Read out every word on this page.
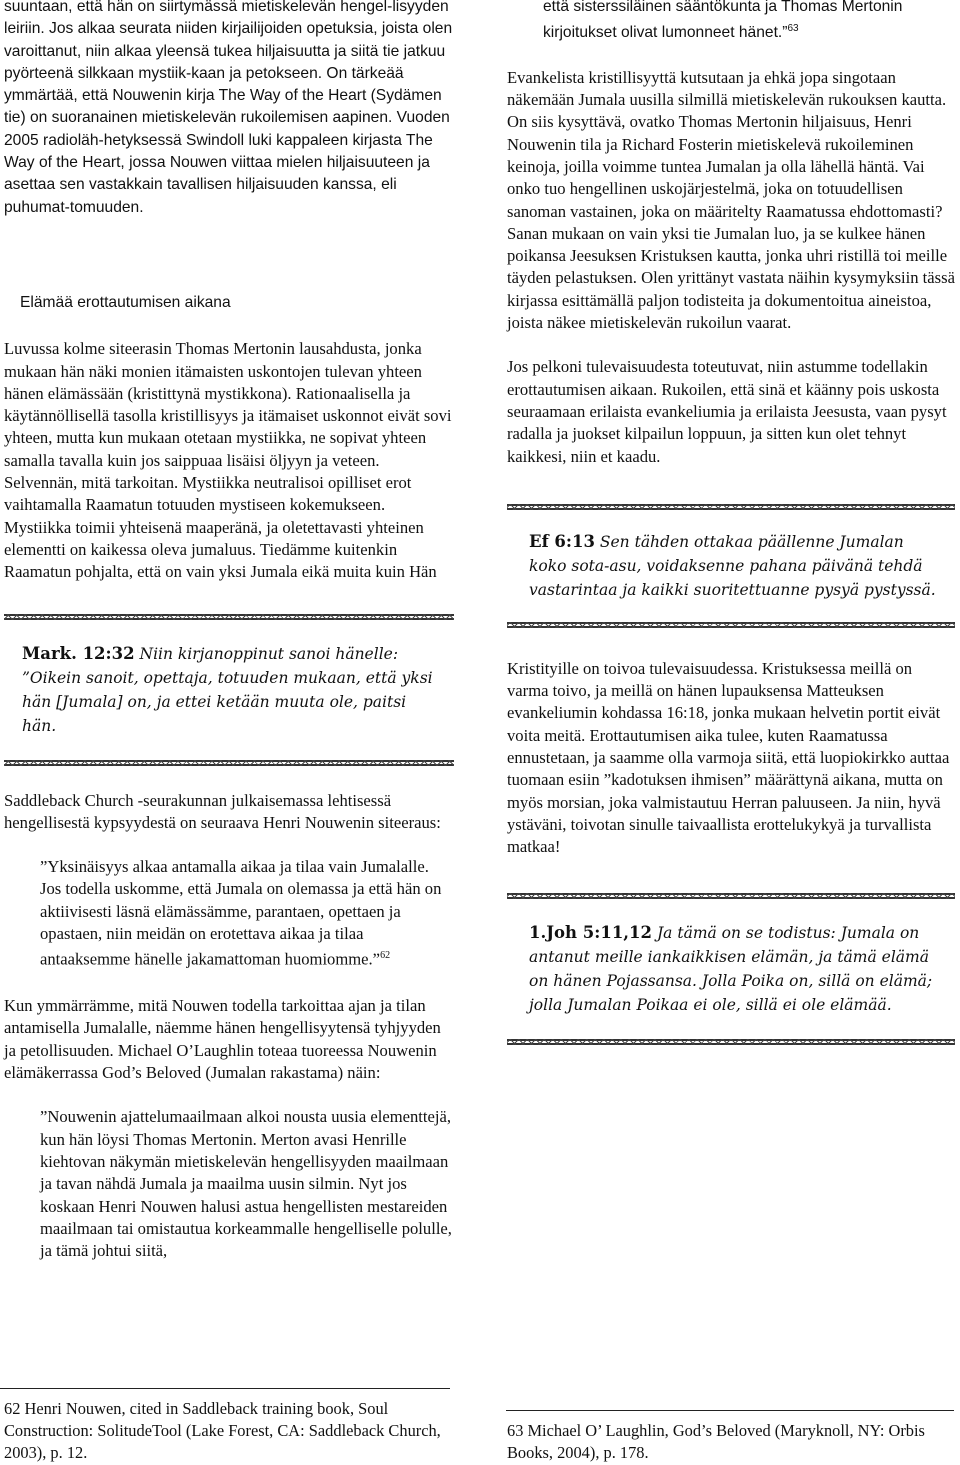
suuntaan, että hän on siirtymässä mietiskelevän hengel-lisyyden leiriin. Jos alkaa seurata niiden kirjailijoiden opetuksia, joista olen varoittanut, niin alkaa yleensä tukea hiljaisuutta ja siitä tie jatkuu pyörteenä silkkaan mystiik-kaan ja petokseen. On tärkeää ymmärtää, että Nouwenin kirja The Way of the Heart (Sydämen tie) on suoranainen mietiskelevän rukoilemisen aapinen. Vuoden 2005 radioläh-hetyksessä Swindoll luki kappaleen kirjasta The Way of the Heart, jossa Nouwen viittaa mielen hiljaisuuteen ja asettaa sen vastakkain tavallisen hiljaisuuden kanssa, eli puhumat-tomuuden.

Elämää erottautumisen aikana

Luvussa kolme siteerasin Thomas Mertonin lausahdusta, jonka mukaan hän näki monien itämaisten uskontojen tulevan yhteen hänen elämässään (kristittynä mystikkona). Rationaalisella ja käytännöllisellä tasolla kristillisyys ja itämaiset uskonnot eivät sovi yhteen, mutta kun mukaan otetaan mystiikka, ne sopivat yhteen samalla tavalla kuin jos saippuaa lisäisi öljyyn ja veteen. Selvennän, mitä tarkoitan. Mystiikka neutralisoi opilliset erot vaihtamalla Raamatun totuuden mystiseen kokemukseen. Mystiikka toimii yhteisenä maaperänä, ja oletettavasti yhteinen elementti on kaikessa oleva jumaluus. Tiedämme kuitenkin Raamatun pohjalta, että on vain yksi Jumala eikä muita kuin Hän

Mark. 12:32 Niin kirjanoppinut sanoi hänelle: ”Oikein sanoit, opettaja, totuuden mukaan, että yksi hän [Jumala] on, ja ettei ketään muuta ole, paitsi hän.

Saddleback Church -seurakunnan julkaisemassa lehtisessä hengellisestä kypsyydestä on seuraava Henri Nouwenin siteeraus:

”Yksinäisyys alkaa antamalla aikaa ja tilaa vain Jumalalle. Jos todella uskomme, että Jumala on olemassa ja että hän on aktiivisesti läsnä elämässämme, parantaen, opettaen ja opastaen, niin meidän on erotettava aikaa ja tilaa antaaksemme hänelle jakamattoman huomiomme.”$^{62}$

Kun ymmärrämme, mitä Nouwen todella tarkoittaa ajan ja tilan antamisella Jumalalle, näemme hänen hengellisyytensä tyhjyyden ja petollisuuden. Michael O’Laughlin toteaa tuoreessa Nouwenin elämäkerrassa God’s Beloved (Jumalan rakastama) näin:

”Nouwenin ajattelumaailmaan alkoi nousta uusia elementtejä, kun hän löysi Thomas Mertonin. Merton avasi Henrille kiehtovan näkymän mietiskelevän hengellisyyden maailmaan ja tavan nähdä Jumala ja maailma uusin silmin. Nyt jos koskaan Henri Nouwen halusi astua hengellisten mestareiden maailmaan tai omistautua korkeammalle hengelliselle polulle, ja tämä johtui siitä,

62 Henri Nouwen, cited in Saddleback training book, Soul Construction: SolitudeTool (Lake Forest, CA: Saddleback Church, 2003), p. 12.

että sisterssiläinen sääntökunta ja Thomas Mertonin kirjoitukset olivat lumonneet hänet.”$^{63}$

Evankelista kristillisyyttä kutsutaan ja ehkä jopa singotaan näkemään Jumala uusilla silmillä mietiskelevän rukouksen kautta. On siis kysyttävä, ovatko Thomas Mertonin hiljaisuus, Henri Nouwenin tila ja Richard Fosterin mietiskelevä rukoileminen keinoja, joilla voimme tuntea Jumalan ja olla lähellä häntä. Vai onko tuo hengellinen uskojärjestelmä, joka on totuudellisen sanoman vastainen, joka on määritelty Raamatussa ehdottomasti? Sanan mukaan on vain yksi tie Jumalan luo, ja se kulkee hänen poikansa Jeesuksen Kristuksen kautta, jonka uhri ristillä toi meille täyden pelastuksen. Olen yrittänyt vastata näihin kysymyksiin tässä kirjassa esittämällä paljon todisteita ja dokumentoitua aineistoa, joista näkee mietiskelevän rukoilun vaarat.

Jos pelkoni tulevaisuudesta toteutuvat, niin astumme todellakin erottautumisen aikaan. Rukoilen, että sinä et käänny pois uskosta seuraamaan erilaista evankeliumia ja erilaista Jeesusta, vaan pysyt radalla ja juokset kilpailun loppuun, ja sitten kun olet tehnyt kaikkesi, niin et kaadu.

Ef 6:13 Sen tähden ottakaa päällenne Jumalan koko sota-asu, voidaksenne pahana päivänä tehdä vastarintaa ja kaikki suoritettuanne pysyä pystyssä.

Kristityille on toivoa tulevaisuudessa. Kristuksessa meillä on varma toivo, ja meillä on hänen lupauksensa Matteuksen evankeliumin kohdassa 16:18, jonka mukaan helvetin portit eivät voita meitä. Erottautumisen aika tulee, kuten Raamatussa ennustetaan, ja saamme olla varmoja siitä, että luopiokirkko auttaa tuomaan esiin ”kadotuksen ihmisen” määrättynä aikana, mutta on myös morsian, joka valmistautuu Herran paluuseen. Ja niin, hyvä ystäväni, toivotan sinulle taivaallista erottelukykyä ja turvallista matkaa!

1.Joh 5:11,12 Ja tämä on se todistus: Jumala on antanut meille iankaikkisen elämän, ja tämä elämä on hänen Pojassansa. Jolla Poika on, sillä on elämä; jolla Jumalan Poikaa ei ole, sillä ei ole elämää.
63 Michael O’ Laughlin, God’s Beloved (Maryknoll, NY: Orbis Books, 2004), p. 178.
